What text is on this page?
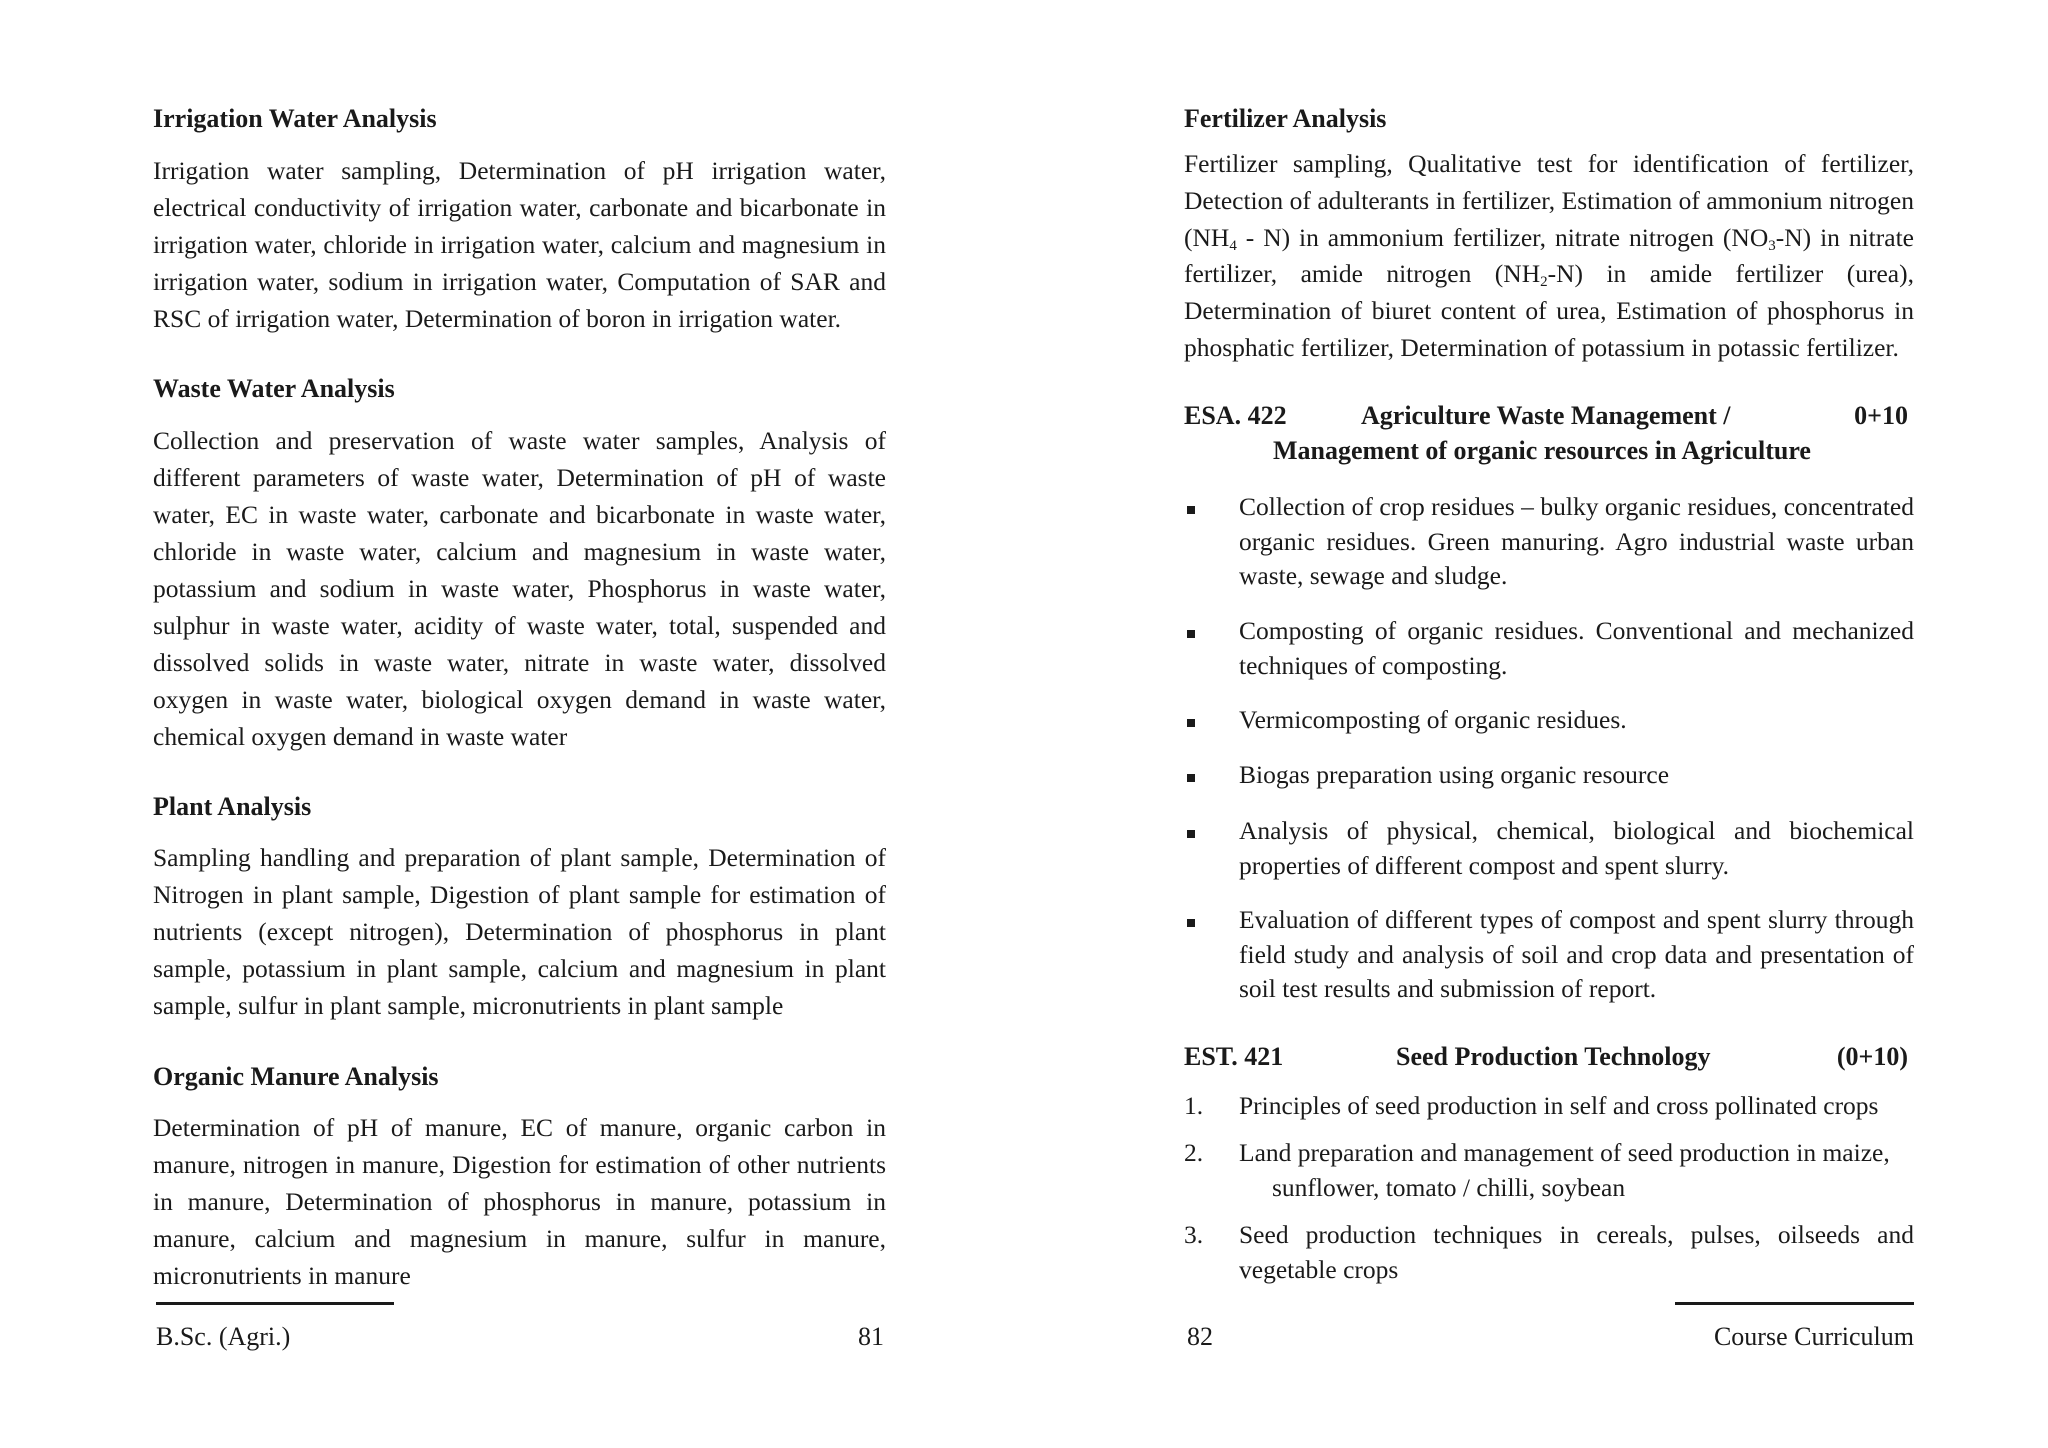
Irrigation Water Analysis
Irrigation water sampling, Determination of pH irrigation water, electrical conductivity of irrigation water, carbonate and bicarbonate in irrigation water, chloride in irrigation water, calcium and magnesium in irrigation water, sodium in irrigation water, Computation of SAR and RSC of irrigation water, Determination of boron in irrigation water.
Waste Water Analysis
Collection and preservation of waste water samples, Analysis of different parameters of waste water, Determination of pH of waste water, EC in waste water, carbonate and bicarbonate in waste water, chloride in waste water, calcium and magnesium in waste water, potassium and sodium in waste water, Phosphorus in waste water, sulphur in waste water, acidity of waste water, total, suspended and dissolved solids in waste water, nitrate in waste water, dissolved oxygen in waste water, biological oxygen demand in waste water, chemical oxygen demand in waste water
Plant Analysis
Sampling handling and preparation of plant sample, Determination of Nitrogen in plant sample, Digestion of plant sample for estimation of nutrients (except nitrogen), Determination of phosphorus in plant sample, potassium in plant sample, calcium and magnesium in plant sample, sulfur in plant sample, micronutrients in plant sample
Organic Manure Analysis
Determination of pH of manure, EC of manure, organic carbon in manure, nitrogen in manure, Digestion for estimation of other nutrients in manure, Determination of phosphorus in manure, potassium in manure, calcium and magnesium in manure, sulfur in manure, micronutrients in manure
B.Sc. (Agri.)	81
Fertilizer Analysis
Fertilizer sampling, Qualitative test for identification of fertilizer, Detection of adulterants in fertilizer, Estimation of ammonium nitrogen $(NH_4 - N)$ in ammonium fertilizer, nitrate nitrogen $(NO_3-N)$ in nitrate fertilizer, amide nitrogen $(NH_2-N)$ in amide fertilizer (urea), Determination of biuret content of urea, Estimation of phosphorus in phosphatic fertilizer, Determination of potassium in potassic fertilizer.
ESA. 422	Agriculture Waste Management /	0+10
Management of organic resources in Agriculture
Collection of crop residues – bulky organic residues, concentrated organic residues. Green manuring. Agro industrial waste urban waste, sewage and sludge.
Composting of organic residues. Conventional and mechanized techniques of composting.
Vermicomposting of organic residues.
Biogas preparation using organic resource
Analysis of physical, chemical, biological and biochemical properties of different compost and spent slurry.
Evaluation of different types of compost and spent slurry through field study and analysis of soil and crop data and presentation of soil test results and submission of report.
EST. 421	Seed Production Technology	(0+10)
1. Principles of seed production in self and cross pollinated crops
2. Land preparation and management of seed production in maize,
sunflower, tomato / chilli, soybean
3. Seed production techniques in cereals, pulses, oilseeds and vegetable crops
82	Course Curriculum
